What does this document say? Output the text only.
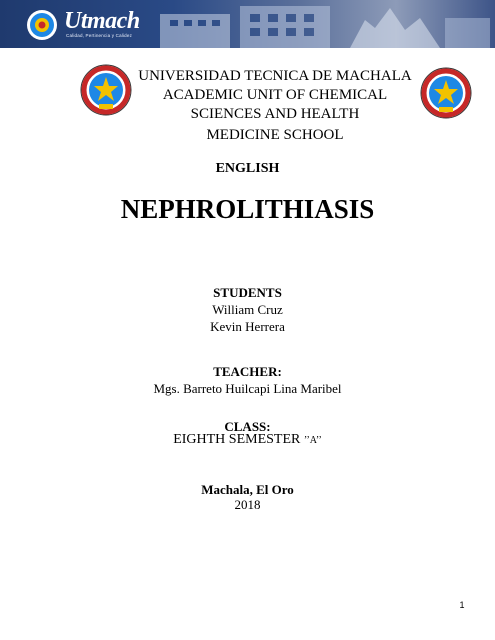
Utmach
Calidad, Pertinencia y Calidez
UNIVERSIDAD TECNICA DE MACHALA
ACADEMIC UNIT OF CHEMICAL
SCIENCES AND HEALTH
MEDICINE SCHOOL
ENGLISH
NEPHROLITHIASIS
STUDENTS
William Cruz
Kevin Herrera
TEACHER:
Mgs. Barreto Huilcapi Lina Maribel
CLASS:
EIGHTH SEMESTER ’’A’’
Machala, El Oro
2018
1
